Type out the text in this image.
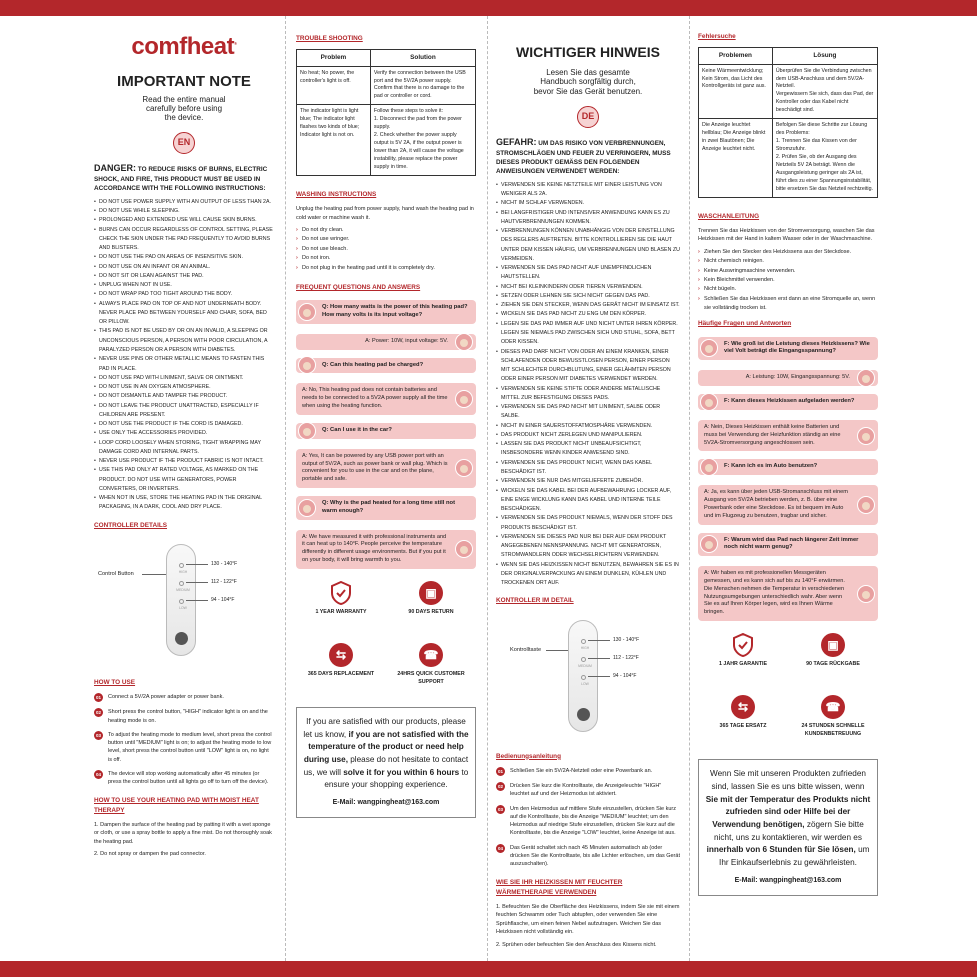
comfheat®
IMPORTANT NOTE
Read the entire manual
carefully before using
the device.
EN
DANGER: TO REDUCE RISKS OF BURNS, ELECTRIC SHOCK, AND FIRE, THIS PRODUCT MUST BE USED IN ACCORDANCE WITH THE FOLLOWING INSTRUCTIONS:
• DO NOT USE POWER SUPPLY WITH AN OUTPUT OF LESS THAN 2A.
• DO NOT USE WHILE SLEEPING.
• PROLONGED AND EXTENDED USE WILL CAUSE SKIN BURNS.
• BURNS CAN OCCUR REGARDLESS OF CONTROL SETTING, PLEASE CHECK THE SKIN UNDER THE PAD FREQUENTLY TO AVOID BURNS AND BLISTERS.
• DO NOT USE THE PAD ON AREAS OF INSENSITIVE SKIN.
• DO NOT USE ON AN INFANT OR AN ANIMAL.
• DO NOT SIT OR LEAN AGAINST THE PAD.
• UNPLUG WHEN NOT IN USE.
• DO NOT WRAP PAD TOO TIGHT AROUND THE BODY.
• ALWAYS PLACE PAD ON TOP OF AND NOT UNDERNEATH BODY. NEVER PLACE PAD BETWEEN YOURSELF AND CHAIR, SOFA, BED OR PILLOW.
• THIS PAD IS NOT BE USED BY OR ON AN INVALID, A SLEEPING OR UNCONSCIOUS PERSON, A PERSON WITH POOR CIRCULATION, A PARALYZED PERSON OR A PERSON WITH DIABETES.
• NEVER USE PINS OR OTHER METALLIC MEANS TO FASTEN THIS PAD IN PLACE.
• DO NOT USE PAD WITH LINIMENT, SALVE OR OINTMENT.
• DO NOT USE IN AN OXYGEN ATMOSPHERE.
• DO NOT DISMANTLE AND TAMPER THE PRODUCT.
• DO NOT LEAVE THE PRODUCT UNATTRACTED, ESPECIALLY IF CHILDREN ARE PRESENT.
• DO NOT USE THE PRODUCT IF THE CORD IS DAMAGED.
• USE ONLY THE ACCESSORIES PROVIDED.
• LOOP CORD LOOSELY WHEN STORING, TIGHT WRAPPING MAY DAMAGE CORD AND INTERNAL PARTS.
• NEVER USE PRODUCT IF THE PRODUCT FABRIC IS NOT INTACT.
• USE THIS PAD ONLY AT RATED VOLTAGE, AS MARKED ON THE PRODUCT. DO NOT USE WITH GENERATORS, POWER CONVERTERS, OR INVERTERS.
• WHEN NOT IN USE, STORE THE HEATING PAD IN THE ORIGINAL PACKAGING, IN A DARK, COOL AND DRY PLACE.
CONTROLLER DETAILS
Control Button	HIGH
MEDIUM
LOW
130 - 140°F
112 - 122°F
94 - 104°F
HOW TO USE
01	Connect a 5V/2A power adapter or power bank.
02	Short press the control button, "HIGH" indicator light is on and the heating mode is on.
03	To adjust the heating mode to medium level, short press the control button until "MEDIUM" light is on; to adjust the heating mode to low level, short press the control button until "LOW" light is on, no light is off.
04	The device will stop working automatically after 45 minutes (or press the control button until all lights go off to turn off the device).
HOW TO USE YOUR HEATING PAD WITH MOIST HEAT THERAPY
1. Dampen the surface of the heating pad by patting it with a wet sponge or cloth, or use a spray bottle to apply a fine mist. Do not thoroughly soak the heating pad.
2. Do not spray or dampen the pad connector.
TROUBLE SHOOTING
Problem	Solution
No heat; No power, the controller's light is off.	Verify the connection between the USB port and the 5V/2A power supply.
Confirm that there is no damage to the pad or controller or cord.

The indicator light is light blue; The indicator light flashes two kinds of blue; Indicator light is not on.	Follow these steps to solve it:
1. Disconnect the pad from the power supply.
2. Check whether the power supply output is 5V 2A, if the output power is lower than 2A, it will cause the voltage instability, please replace the power supply in time.
WASHING INSTRUCTIONS
Unplug the heating pad from power supply, hand wash the heating pad in cold water or machine wash it.
› Do not dry clean.
› Do not use wringer.
› Do not use bleach.
› Do not iron.
› Do not plug in the heating pad until it is completely dry.
FREQUENT QUESTIONS AND ANSWERS
Q: How many watts is the power of this heating pad? How many volts is its input voltage?
A: Power: 10W, input voltage: 5V.
Q: Can this heating pad be charged?
A: No, This heating pad does not contain batteries and needs to be connected to a 5V2A power supply all the time when using the heating function.
Q: Can I use it in the car?
A: Yes, It can be powered by any USB power port with an output of 5V/2A, such as power bank or wall plug. Which is convenient for you to use in the car and on the plane, portable and safe.
Q: Why is the pad heated for a long time still not warm enough?
A: We have measured it with professional instruments and it can heat up to 140°F. People perceive the temperature differently in different usage environments. But if you put it on your body, it will bring warmth to you.
1 YEAR WARRANTY
▣
90 DAYS RETURN
⇆
365 DAYS REPLACEMENT
☎
24HRS QUICK CUSTOMER SUPPORT
If you are satisfied with our products, please let us know, if you are not satisfied with the temperature of the product or need help during use, please do not hesitate to contact us, we will solve it for you within 6 hours to ensure your shopping experience.
E-Mail: wangpingheat@163.com
WICHTIGER HINWEIS
Lesen Sie das gesamte
Handbuch sorgfältig durch,
bevor Sie das Gerät benutzen.
DE
GEFAHR: UM DAS RISIKO VON VERBRENNUNGEN, STROMSCHLÄGEN UND FEUER ZU VERRINGERN, MUSS DIESES PRODUKT GEMÄSS DEN FOLGENDEN ANWEISUNGEN VERWENDET WERDEN:
• VERWENDEN SIE KEINE NETZTEILE MIT EINER LEISTUNG VON WENIGER ALS 2A.
• NICHT IM SCHLAF VERWENDEN.
• BEI LANGFRISTIGER UND INTENSIVER ANWENDUNG KANN ES ZU HAUTVERBRENNUNGEN KOMMEN.
• VERBRENNUNGEN KÖNNEN UNABHÄNGIG VON DER EINSTELLUNG DES REGLERS AUFTRETEN. BITTE KONTROLLIEREN SIE DIE HAUT UNTER DEM KISSEN HÄUFIG, UM VERBRENNUNGEN UND BLASEN ZU VERMEIDEN.
• VERWENDEN SIE DAS PAD NICHT AUF UNEMPFINDLICHEN HAUTSTELLEN.
• NICHT BEI KLEINKINDERN ODER TIEREN VERWENDEN.
• SETZEN ODER LEHNEN SIE SICH NICHT GEGEN DAS PAD.
• ZIEHEN SIE DEN STECKER, WENN DAS GERÄT NICHT IM EINSATZ IST.
• WICKELN SIE DAS PAD NICHT ZU ENG UM DEN KÖRPER.
• LEGEN SIE DAS PAD IMMER AUF UND NICHT UNTER IHREN KÖRPER. LEGEN SIE NIEMALS PAD ZWISCHEN SICH UND STUHL, SOFA, BETT ODER KISSEN.
• DIESES PAD DARF NICHT VON ODER AN EINEM KRANKEN, EINER SCHLAFENDEN ODER BEWUSSTLOSEN PERSON, EINER PERSON MIT SCHLECHTER DURCHBLUTUNG, EINER GELÄHMTEN PERSON ODER EINER PERSON MIT DIABETES VERWENDET WERDEN.
• VERWENDEN SIE KEINE STIFTE ODER ANDERE METALLISCHE MITTEL ZUR BEFESTIGUNG DIESES PADS.
• VERWENDEN SIE DAS PAD NICHT MIT LINIMENT, SALBE ODER SALBE.
• NICHT IN EINER SAUERSTOFFATMOSPHÄRE VERWENDEN.
• DAS PRODUKT NICHT ZERLEGEN UND MANIPULIEREN.
• LASSEN SIE DAS PRODUKT NICHT UNBEAUFSICHTIGT, INSBESONDERE WENN KINDER ANWESEND SIND.
• VERWENDEN SIE DAS PRODUKT NICHT, WENN DAS KABEL BESCHÄDIGT IST.
• VERWENDEN SIE NUR DAS MITGELIEFERTE ZUBEHÖR.
• WICKELN SIE DAS KABEL BEI DER AUFBEWAHRUNG LOCKER AUF, EINE ENGE WICKLUNG KANN DAS KABEL UND INTERNE TEILE BESCHÄDIGEN.
• VERWENDEN SIE DAS PRODUKT NIEMALS, WENN DER STOFF DES PRODUKTS BESCHÄDIGT IST.
• VERWENDEN SIE DIESES PAD NUR BEI DER AUF DEM PRODUKT ANGEGEBENEN NENNSPANNUNG. NICHT MIT GENERATOREN, STROMWANDLERN ODER WECHSELRICHTERN VERWENDEN.
• WENN SIE DAS HEIZKISSEN NICHT BENUTZEN, BEWAHREN SIE ES IN DER ORIGINALVERPACKUNG AN EINEM DUNKLEN, KÜHLEN UND TROCKENEN ORT AUF.
KONTROLLER IM DETAIL
Kontrolltaste	HIGH
MEDIUM
LOW
130 - 140°F
112 - 122°F
94 - 104°F
Bedienungsanleitung
01	Schließen Sie ein 5V/2A-Netzteil oder eine Powerbank an.
02	Drücken Sie kurz die Kontrolltaste, die Anzeigeleuchte "HIGH" leuchtet auf und der Heizmodus ist aktiviert.
03	Um den Heizmodus auf mittlere Stufe einzustellen, drücken Sie kurz auf die Kontrolltaste, bis die Anzeige "MEDIUM" leuchtet; um den Heizmodus auf niedrige Stufe einzustellen, drücken Sie kurz auf die Kontrolltaste, bis die Anzeige "LOW" leuchtet, keine Anzeige ist aus.
04	Das Gerät schaltet sich nach 45 Minuten automatisch ab (oder drücken Sie die Kontrolltaste, bis alle Lichter erlöschen, um das Gerät auszuschalten).
WIE SIE IHR HEIZKISSEN MIT FEUCHTER WÄRMETHERAPIE VERWENDEN
1. Befeuchten Sie die Oberfläche des Heizkissens, indem Sie sie mit einem feuchten Schwamm oder Tuch abtupfen, oder verwenden Sie eine Sprühflasche, um einen feinen Nebel aufzutragen. Weichen Sie das Heizkissen nicht vollständig ein.
2. Sprühen oder befeuchten Sie den Anschluss des Kissens nicht.
Fehlersuche
Problemen	Lösung
Keine Wärmeentwicklung; Kein Strom, das Licht des Kontrollgeräts ist ganz aus.	Überprüfen Sie die Verbindung zwischen dem USB-Anschluss und dem 5V/2A-Netzteil.
Vergewissern Sie sich, dass das Pad, der Kontroller oder das Kabel nicht beschädigt sind.

Die Anzeige leuchtet hellblau; Die Anzeige blinkt in zwei Blautönen; Die Anzeige leuchtet nicht.	Befolgen Sie diese Schritte zur Lösung des Problems:
1. Trennen Sie das Kissen von der Stromzufuhr.
2. Prüfen Sie, ob der Ausgang des Netzteils 5V 2A beträgt. Wenn die Ausgangsleistung geringer als 2A ist, führt dies zu einer Spannungsinstabilität, bitte ersetzen Sie das Netzteil rechtzeitig.
WASCHANLEITUNG
Trennen Sie das Heizkissen von der Stromversorgung, waschen Sie das Heizkissen mit der Hand in kaltem Wasser oder in der Waschmaschine.
› Ziehen Sie den Stecker des Heizkissens aus der Steckdose.
› Nicht chemisch reinigen.
› Keine Auswringmaschine verwenden.
› Kein Bleichmittel verwenden.
› Nicht bügeln.
› Schließen Sie das Heizkissen erst dann an eine Stromquelle an, wenn sie vollständig trocken ist.
Häufige Fragen und Antworten
F: Wie groß ist die Leistung dieses Heizkissens? Wie viel Volt beträgt die Eingangsspannung?
A: Leistung: 10W, Eingangsspannung: 5V.
F: Kann dieses Heizkissen aufgeladen werden?
A: Nein, Dieses Heizkissen enthält keine Batterien und muss bei Verwendung der Heizfunktion ständig an eine 5V2A-Stromversorgung angeschlossen sein.
F: Kann ich es im Auto benutzen?
A: Ja, es kann über jeden USB-Stromanschluss mit einem Ausgang von 5V/2A betrieben werden, z. B. über eine Powerbank oder eine Steckdose. Es ist bequem im Auto und im Flugzeug zu benutzen, tragbar und sicher.
F: Warum wird das Pad nach längerer Zeit immer noch nicht warm genug?
A: Wir haben es mit professionellen Messgeräten gemessen, und es kann sich auf bis zu 140°F erwärmen. Die Menschen nehmen die Temperatur in verschiedenen Nutzungsumgebungen unterschiedlich wahr. Aber wenn Sie es auf Ihren Körper legen, wird es Ihnen Wärme bringen.
1 JAHR GARANTIE
▣
90 TAGE RÜCKGABE
⇆
365 TAGE ERSATZ
☎
24 STUNDEN SCHNELLE KUNDENBETREUUNG
Wenn Sie mit unseren Produkten zufrieden sind, lassen Sie es uns bitte wissen, wenn Sie mit der Temperatur des Produkts nicht zufrieden sind oder Hilfe bei der Verwendung benötigen, zögern Sie bitte nicht, uns zu kontaktieren, wir werden es innerhalb von 6 Stunden für Sie lösen, um Ihr Einkaufserlebnis zu gewährleisten.
E-Mail: wangpingheat@163.com
